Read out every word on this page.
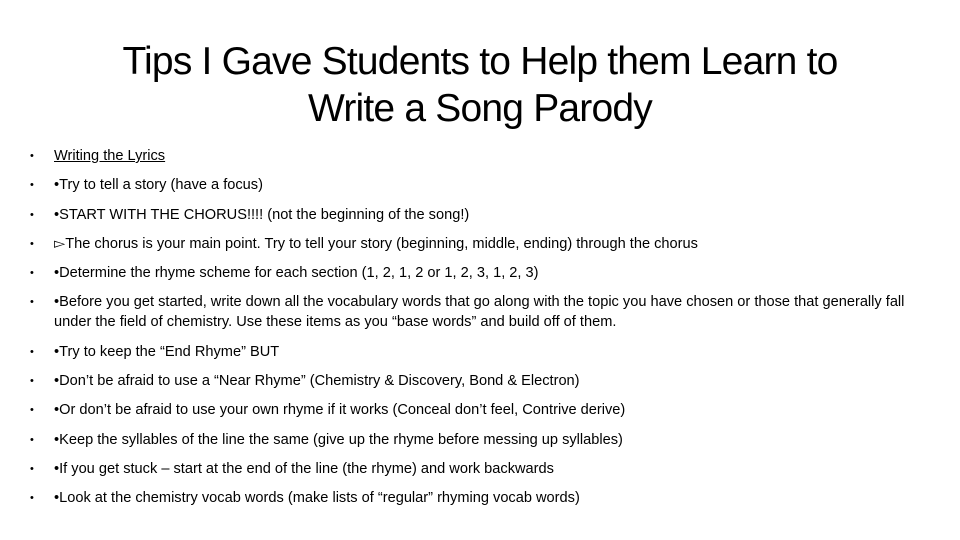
Tips I Gave Students to Help them Learn to
Write a Song Parody
• Writing the Lyrics
• •Try to tell a story (have a focus)
• •START WITH THE CHORUS!!!! (not the beginning of the song!)
• ▻The chorus is your main point. Try to tell your story (beginning, middle, ending) through the chorus
• •Determine the rhyme scheme for each section (1, 2, 1, 2 or 1, 2, 3, 1, 2, 3)
• •Before you get started, write down all the vocabulary words that go along with the topic you have chosen or those that generally fall under the field of chemistry. Use these items as you “base words” and build off of them.
• •Try to keep the “End Rhyme” BUT
• •Don’t be afraid to use a “Near Rhyme” (Chemistry & Discovery, Bond & Electron)
• •Or don’t be afraid to use your own rhyme if it works (Conceal don’t feel, Contrive derive)
• •Keep the syllables of the line the same (give up the rhyme before messing up syllables)
• •If you get stuck – start at the end of the line (the rhyme) and work backwards
• •Look at the chemistry vocab words (make lists of “regular” rhyming vocab words)
